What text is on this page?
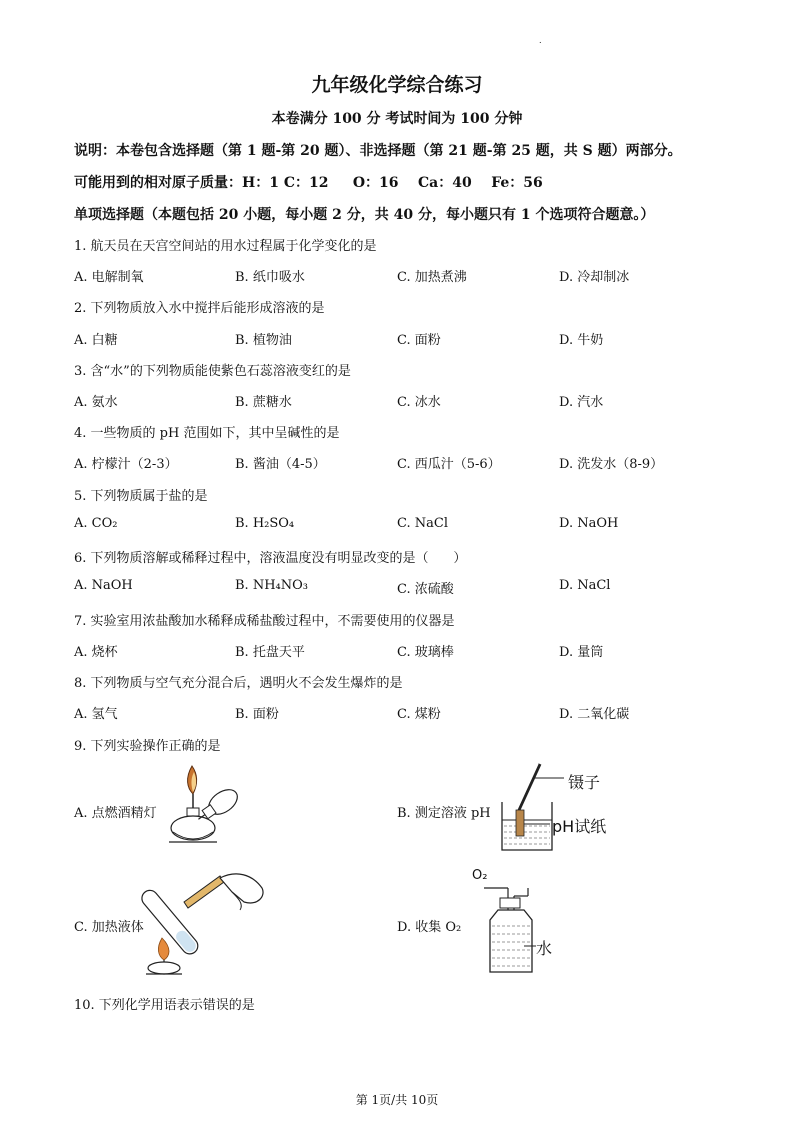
.
九年级化学综合练习
本卷满分 100 分 考试时间为 100 分钟
说明：本卷包含选择题（第 1 题-第 20 题）、非选择题（第 21 题-第 25 题，共 S 题）两部分。
可能用到的相对原子质量：H：1 C：12     O：16    Ca：40    Fe：56
单项选择题（本题包括 20 小题，每小题 2 分，共 40 分，每小题只有 1 个选项符合题意。）
1. 航天员在天宫空间站的用水过程属于化学变化的是
A. 电解制氧	B. 纸巾吸水	C. 加热煮沸	D. 冷却制冰
2. 下列物质放入水中搅拌后能形成溶液的是
A. 白糖	B. 植物油	C. 面粉	D. 牛奶
3. 含“水”的下列物质能使紫色石蕊溶液变红的是
A. 氨水	B. 蔗糖水	C. 冰水	D. 汽水
4. 一些物质的 pH 范围如下，其中呈碱性的是
A. 柠檬汁（2-3）	B. 酱油（4-5）	C. 西瓜汁（5-6）	D. 洗发水（8-9）
5. 下列物质属于盐的是
A. CO₂	B. H₂SO₄	C. NaCl	D. NaOH
6. 下列物质溶解或稀释过程中，溶液温度没有明显改变的是（      ）
A. NaOH	B. NH₄NO₃	C. 浓硫酸	D. NaCl
7. 实验室用浓盐酸加水稀释成稀盐酸过程中，不需要使用的仪器是
A. 烧杯	B. 托盘天平	C. 玻璃棒	D. 量筒
8. 下列物质与空气充分混合后，遇明火不会发生爆炸的是
A. 氢气	B. 面粉	C. 煤粉	D. 二氧化碳
9. 下列实验操作正确的是
A. 点燃酒精灯	B. 测定溶液 pH
C. 加热液体	D. 收集 O₂
镊子
pH试纸
O₂
水
10. 下列化学用语表示错误的是
第 1页/共 10页
